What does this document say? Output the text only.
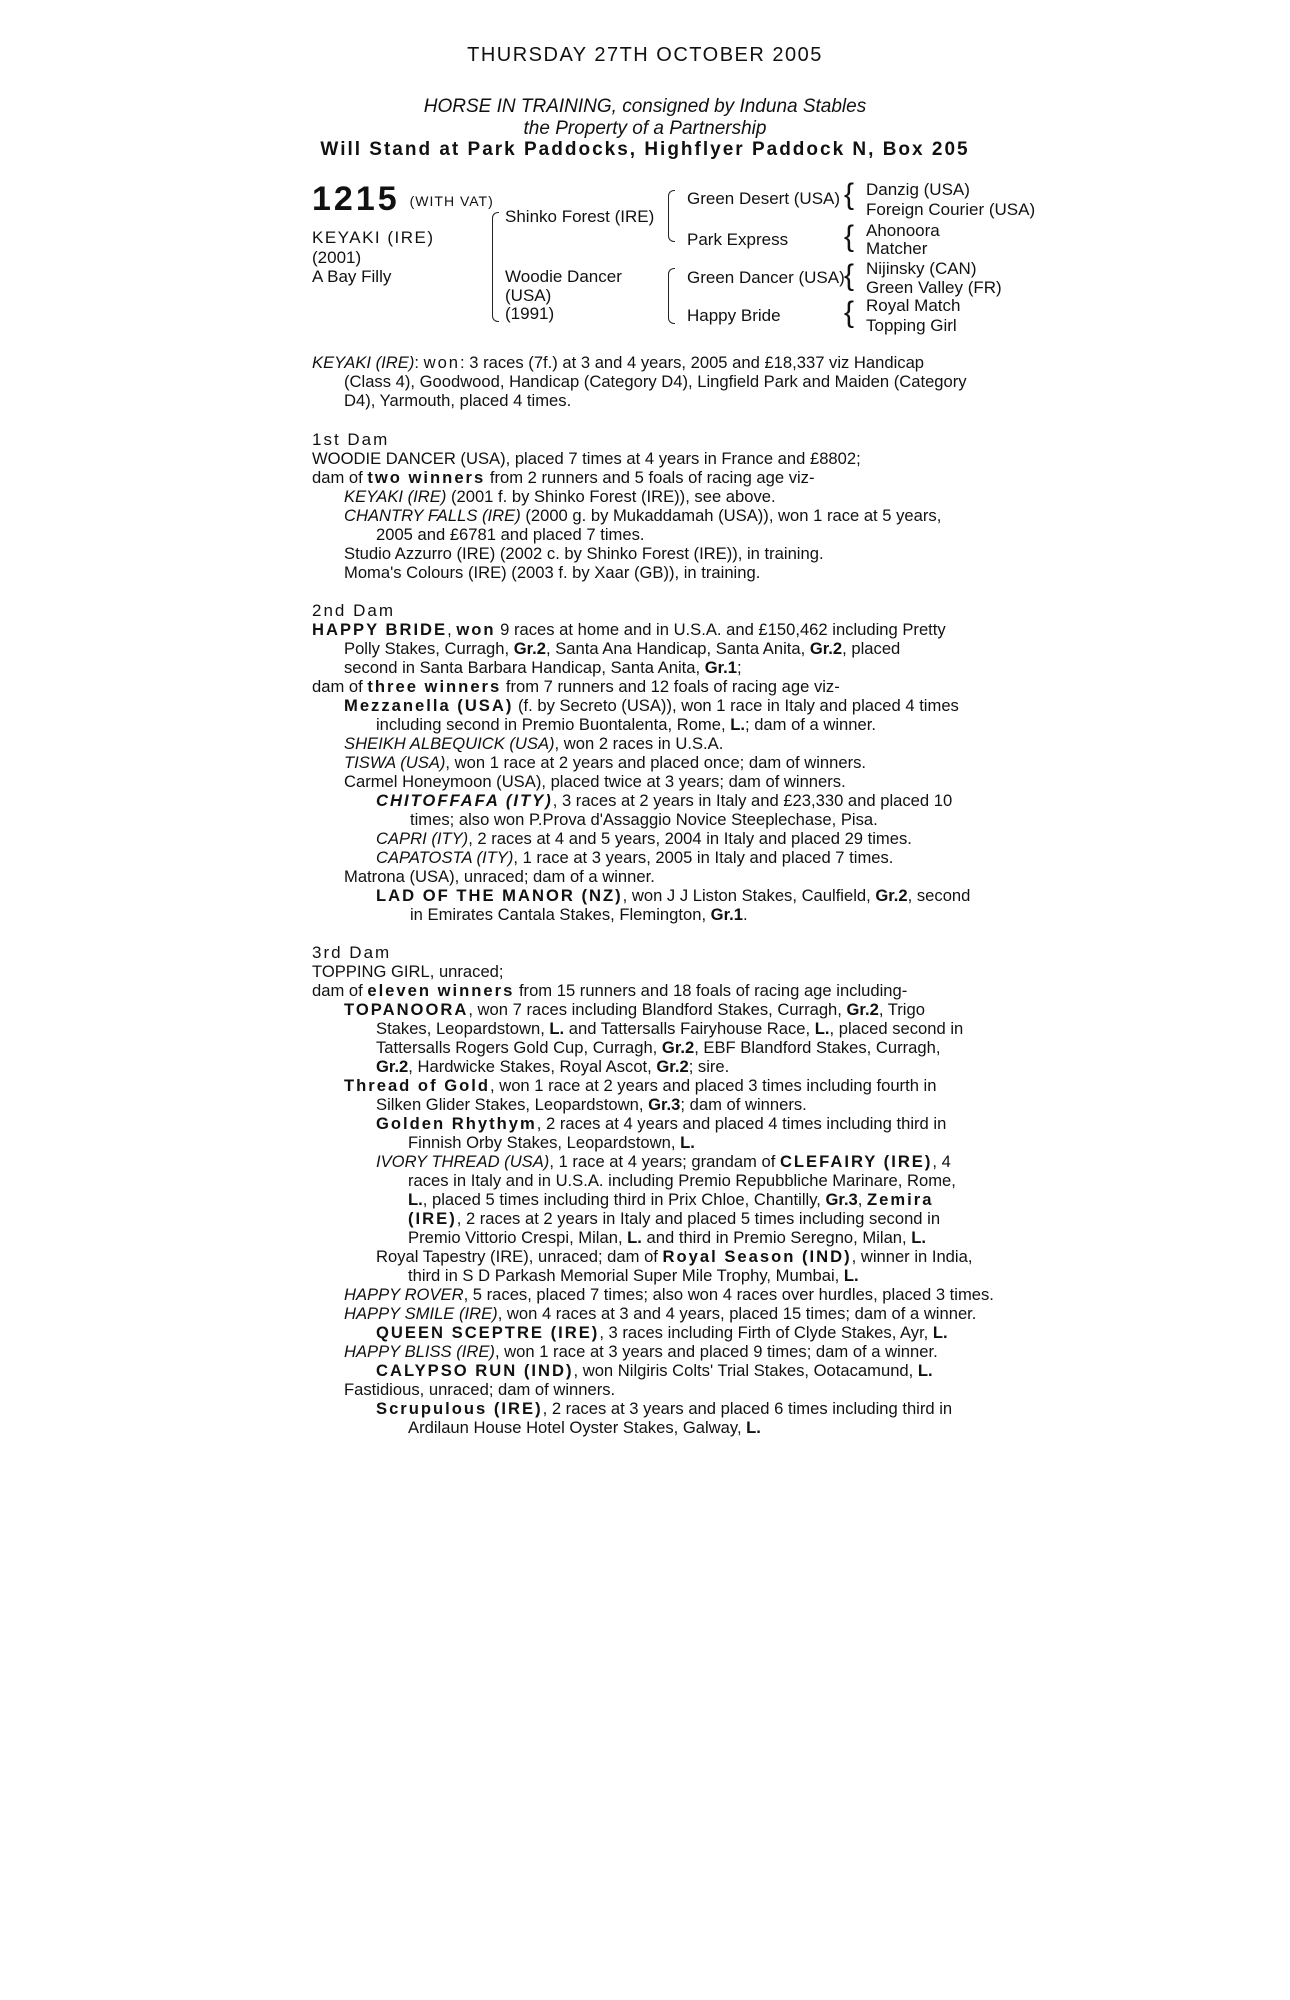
THURSDAY 27TH OCTOBER 2005
HORSE IN TRAINING, consigned by Induna Stables
the Property of a Partnership
Will Stand at Park Paddocks, Highflyer Paddock N, Box 205
1215 (WITH VAT)
KEYAKI (IRE)
(2001)
A Bay Filly
Shinko Forest (IRE)
Woodie Dancer
(USA)
(1991)
Green Desert (USA)
Park Express
Green Dancer (USA)
Happy Bride
{ Danzig (USA)
Foreign Courier (USA)
{ Ahonoora
Matcher
{ Nijinsky (CAN)
Green Valley (FR)
{ Royal Match
Topping Girl
KEYAKI (IRE): won: 3 races (7f.) at 3 and 4 years, 2005 and £18,337 viz Handicap
(Class 4), Goodwood, Handicap (Category D4), Lingfield Park and Maiden (Category
D4), Yarmouth, placed 4 times.
1st Dam
WOODIE DANCER (USA), placed 7 times at 4 years in France and £8802;
dam of two winners from 2 runners and 5 foals of racing age viz-
KEYAKI (IRE) (2001 f. by Shinko Forest (IRE)), see above.
CHANTRY FALLS (IRE) (2000 g. by Mukaddamah (USA)), won 1 race at 5 years,
2005 and £6781 and placed 7 times.
Studio Azzurro (IRE) (2002 c. by Shinko Forest (IRE)), in training.
Moma's Colours (IRE) (2003 f. by Xaar (GB)), in training.
2nd Dam
HAPPY BRIDE, won 9 races at home and in U.S.A. and £150,462 including Pretty
Polly Stakes, Curragh, Gr.2, Santa Ana Handicap, Santa Anita, Gr.2, placed
second in Santa Barbara Handicap, Santa Anita, Gr.1;
dam of three winners from 7 runners and 12 foals of racing age viz-
Mezzanella (USA) (f. by Secreto (USA)), won 1 race in Italy and placed 4 times
including second in Premio Buontalenta, Rome, L.; dam of a winner.
SHEIKH ALBEQUICK (USA), won 2 races in U.S.A.
TISWA (USA), won 1 race at 2 years and placed once; dam of winners.
Carmel Honeymoon (USA), placed twice at 3 years; dam of winners.
CHITOFFAFA (ITY), 3 races at 2 years in Italy and £23,330 and placed 10
times; also won P.Prova d'Assaggio Novice Steeplechase, Pisa.
CAPRI (ITY), 2 races at 4 and 5 years, 2004 in Italy and placed 29 times.
CAPATOSTA (ITY), 1 race at 3 years, 2005 in Italy and placed 7 times.
Matrona (USA), unraced; dam of a winner.
LAD OF THE MANOR (NZ), won J J Liston Stakes, Caulfield, Gr.2, second
in Emirates Cantala Stakes, Flemington, Gr.1.
3rd Dam
TOPPING GIRL, unraced;
dam of eleven winners from 15 runners and 18 foals of racing age including-
TOPANOORA, won 7 races including Blandford Stakes, Curragh, Gr.2, Trigo
Stakes, Leopardstown, L. and Tattersalls Fairyhouse Race, L., placed second in
Tattersalls Rogers Gold Cup, Curragh, Gr.2, EBF Blandford Stakes, Curragh,
Gr.2, Hardwicke Stakes, Royal Ascot, Gr.2; sire.
Thread of Gold, won 1 race at 2 years and placed 3 times including fourth in
Silken Glider Stakes, Leopardstown, Gr.3; dam of winners.
Golden Rhythym, 2 races at 4 years and placed 4 times including third in
Finnish Orby Stakes, Leopardstown, L.
IVORY THREAD (USA), 1 race at 4 years; grandam of CLEFAIRY (IRE), 4
races in Italy and in U.S.A. including Premio Repubbliche Marinare, Rome,
L., placed 5 times including third in Prix Chloe, Chantilly, Gr.3, Zemira
(IRE), 2 races at 2 years in Italy and placed 5 times including second in
Premio Vittorio Crespi, Milan, L. and third in Premio Seregno, Milan, L.
Royal Tapestry (IRE), unraced; dam of Royal Season (IND), winner in India,
third in S D Parkash Memorial Super Mile Trophy, Mumbai, L.
HAPPY ROVER, 5 races, placed 7 times; also won 4 races over hurdles, placed 3 times.
HAPPY SMILE (IRE), won 4 races at 3 and 4 years, placed 15 times; dam of a winner.
QUEEN SCEPTRE (IRE), 3 races including Firth of Clyde Stakes, Ayr, L.
HAPPY BLISS (IRE), won 1 race at 3 years and placed 9 times; dam of a winner.
CALYPSO RUN (IND), won Nilgiris Colts' Trial Stakes, Ootacamund, L.
Fastidious, unraced; dam of winners.
Scrupulous (IRE), 2 races at 3 years and placed 6 times including third in
Ardilaun House Hotel Oyster Stakes, Galway, L.
